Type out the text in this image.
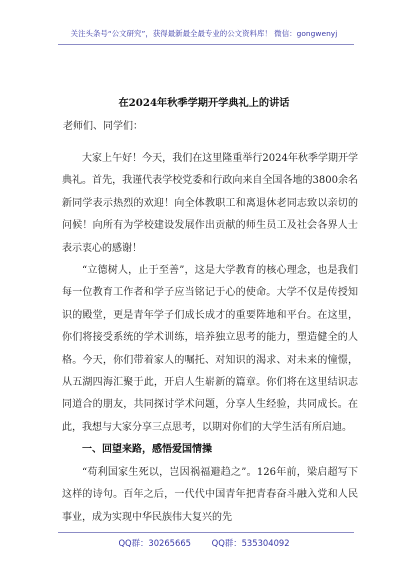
关注头条号“公文研究”，获得最新最全最专业的公文资料库！ 微信：gongwenyj
在2024年秋季学期开学典礼上的讲话
老师们、同学们：

大家上午好！今天，我们在这里隆重举行2024年秋季学期开学典礼。首先，我谨代表学校党委和行政向来自全国各地的3800余名新同学表示热烈的欢迎！向全体教职工和离退休老同志致以亲切的问候！向所有为学校建设发展作出贡献的师生员工及社会各界人士表示衷心的感谢！

“立德树人，止于至善”，这是大学教育的核心理念，也是我们每一位教育工作者和学子应当铭记于心的使命。大学不仅是传授知识的殿堂，更是青年学子们成长成才的重要阵地和平台。在这里，你们将接受系统的学术训练，培养独立思考的能力，塑造健全的人格。今天，你们带着家人的嘱托、对知识的渴求、对未来的憧憬，从五湖四海汇聚于此，开启人生崭新的篇章。你们将在这里结识志同道合的朋友，共同探讨学术问题，分享人生经验，共同成长。在此，我想与大家分享三点思考，以期对你们的大学生活有所启迪。

一、回望来路，感悟爱国情操

“苟利国家生死以，岂因祸福避趋之”。126年前，梁启超写下这样的诗句。百年之后，一代代中国青年把青春奋斗融入党和人民事业，成为实现中华民族伟大复兴的先

QQ群：30265665 QQ群：535304092
